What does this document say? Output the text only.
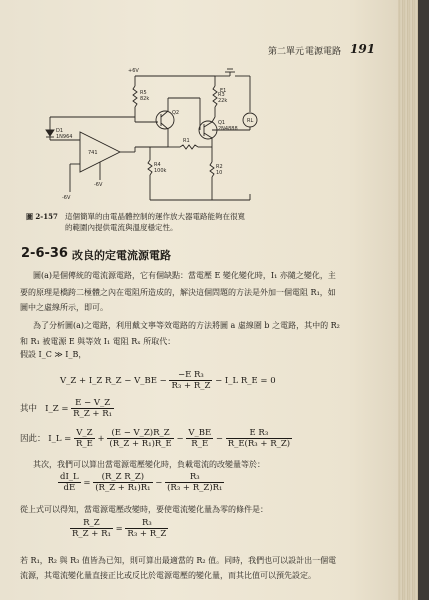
第二單元 電源電路 191
RL
+6V
R5
82k
Q2
Q1
2N4888
E1
R3
22k
D1
1N964
741
R4
100k
R1
R2
10
-6V
-6V
圖 2-157 這個簡單的由電晶體控制的運作放大器電路能夠在很寬
的範圍內提供電流與溫度穩定性。
2-6-36 改良的定電流源電路
圖(a)是個傳統的電流源電路，它有個缺點：當電壓 E 變化變化時，I₁ 亦隨之變化，主
要的原理是橋跨二極體之內在電阻所造成的，解決這個問題的方法是外加一個電阻 R₁，如
圖中之虛線所示，即可。
為了分析圖(a)之電路，利用戴文寧等效電路的方法將圖 a 虛線圍 b 之電路，其中的 R₂
和 R₁ 被電源 E 與等效 I₁ 電阻 Rₓ 所取代：
假設 I_C ≫ I_B，
V_Z + I_Z R_Z − V_BE − $\frac{\text{−E R₃}}{\text{R₃ + R\_Z}}$ − I_L R_E = 0
其中 I_Z = $\frac{E - V\_Z}{\text{R\_Z + R₁}}$
因此： I_L = $\frac{V\_Z}{R\_E} + \frac{(E - V\_Z)R\_Z}{\text{(R\_Z + R₁)R\_E}} - \frac{V\_BE}{R\_E} - \frac{\text{E R₃}}{\text{R\_E(R₃ + R\_Z)}}$
其次，我們可以算出當電源電壓變化時，負載電流的改變量等於：
$\frac{dI\_L}{dE} = \frac{\text{(R\_Z R\_Z)}}{\text{(R\_Z + R₁)R₁}} - \frac{\text{R₃}}{\text{(R₃ + R\_Z)R₁}}$
從上式可以得知，當電源電壓改變時，要使電流變化量為零的條件是：
$\frac{R\_Z}{\text{R\_Z + R₁}} = \frac{\text{R₃}}{\text{R₃ + R\_Z}}$
若 R₁，R₂ 與 R₃ 值皆為已知，則可算出最適當的 R₂ 值。同時，我們也可以設計出一個電
流源，其電流變化量直接正比或反比於電源電壓的變化量，而其比值可以預先設定。
